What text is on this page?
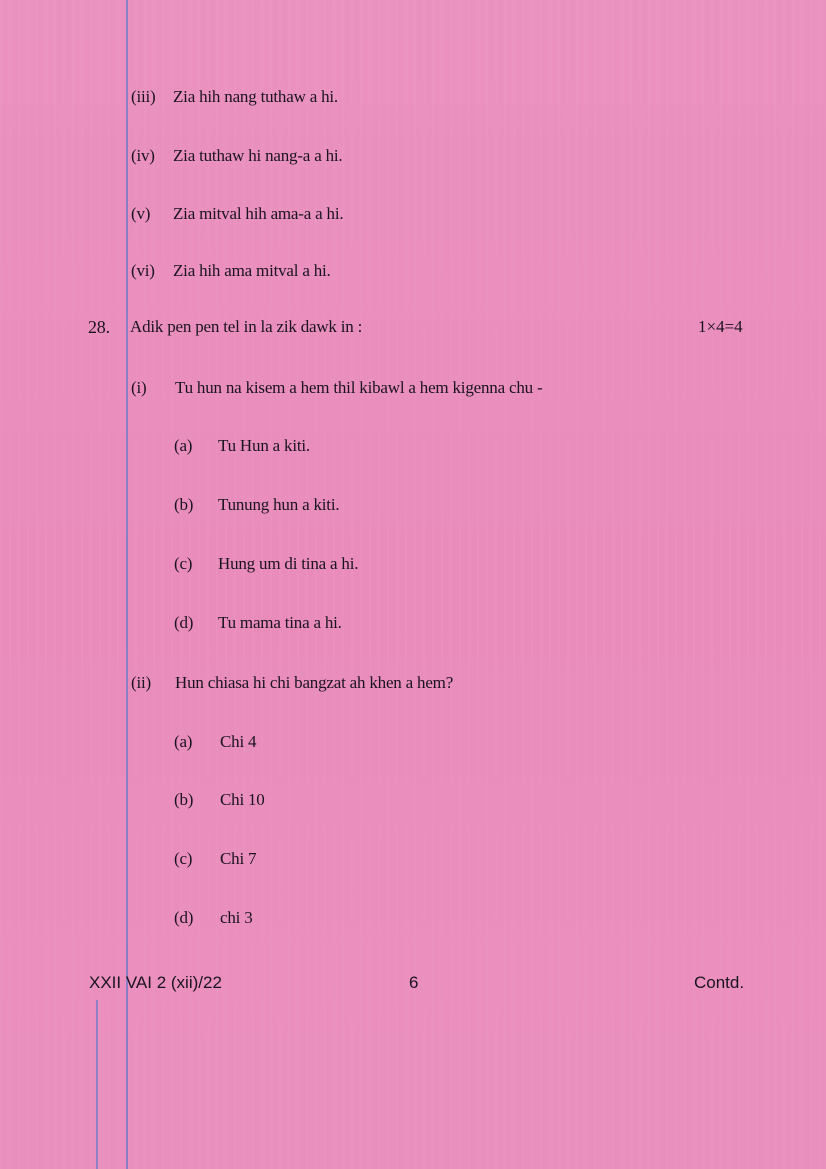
(iii) Zia hih nang tuthaw a hi.
(iv) Zia tuthaw hi nang-a a hi.
(v) Zia mitval hih ama-a a hi.
(vi) Zia hih ama mitval a hi.
28. Adik pen pen tel in la zik dawk in :	1×4=4
(i) Tu hun na kisem a hem thil kibawl a hem kigenna chu -
(a) Tu Hun a kiti.
(b) Tunung hun a kiti.
(c) Hung um di tina a hi.
(d) Tu mama tina a hi.
(ii) Hun chiasa hi chi bangzat ah khen a hem?
(a) Chi 4
(b) Chi 10
(c) Chi 7
(d) chi 3
XXII VAI 2 (xii)/22	6	Contd.
